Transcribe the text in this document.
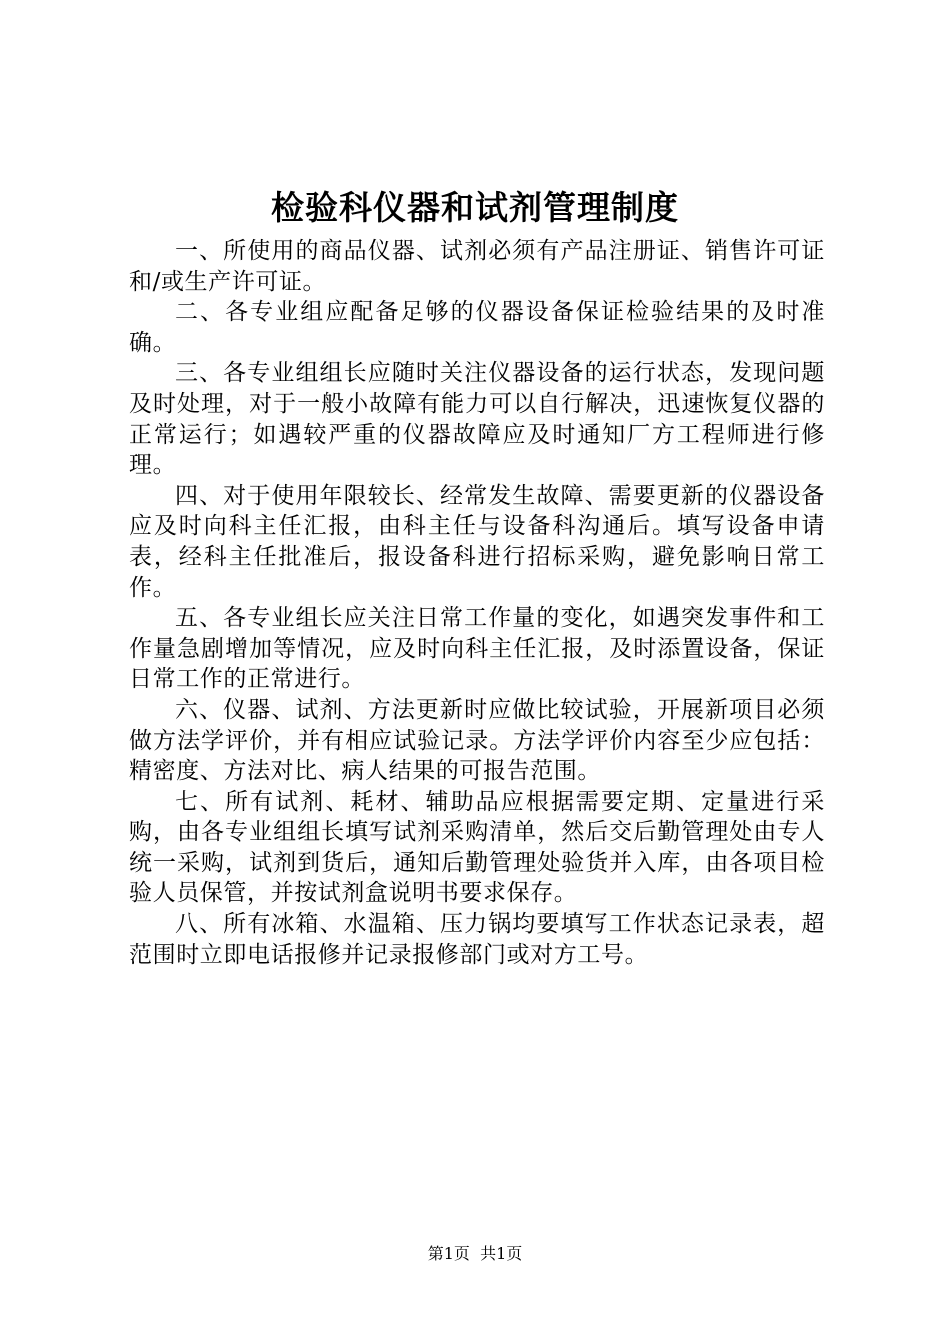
检验科仪器和试剂管理制度

一、所使用的商品仪器、试剂必须有产品注册证、销售许可证和/或生产许可证。

二、各专业组应配备足够的仪器设备保证检验结果的及时准确。

三、各专业组组长应随时关注仪器设备的运行状态，发现问题及时处理，对于一般小故障有能力可以自行解决，迅速恢复仪器的正常运行；如遇较严重的仪器故障应及时通知厂方工程师进行修理。

四、对于使用年限较长、经常发生故障、需要更新的仪器设备应及时向科主任汇报，由科主任与设备科沟通后。填写设备申请表，经科主任批准后，报设备科进行招标采购，避免影响日常工作。

五、各专业组长应关注日常工作量的变化，如遇突发事件和工作量急剧增加等情况，应及时向科主任汇报，及时添置设备，保证日常工作的正常进行。

六、仪器、试剂、方法更新时应做比较试验，开展新项目必须做方法学评价，并有相应试验记录。方法学评价内容至少应包括：精密度、方法对比、病人结果的可报告范围。

七、所有试剂、耗材、辅助品应根据需要定期、定量进行采购，由各专业组组长填写试剂采购清单，然后交后勤管理处由专人统一采购，试剂到货后，通知后勤管理处验货并入库，由各项目检验人员保管，并按试剂盒说明书要求保存。

八、所有冰箱、水温箱、压力锅均要填写工作状态记录表，超范围时立即电话报修并记录报修部门或对方工号。

第1页 共1页
